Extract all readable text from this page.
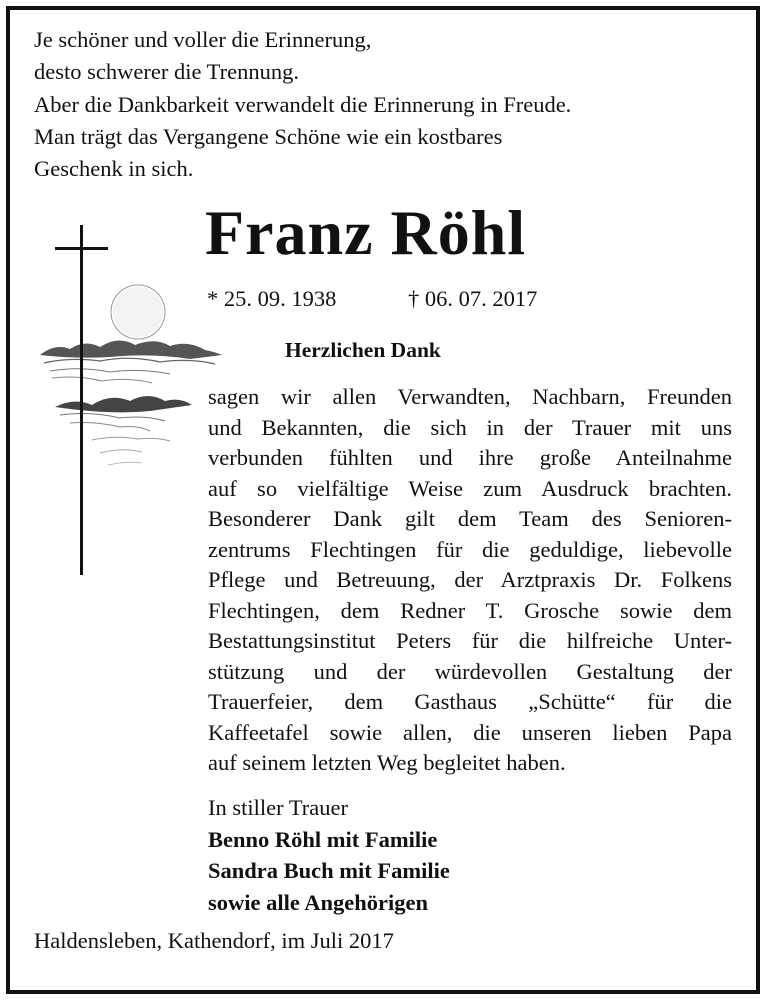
Je schöner und voller die Erinnerung,
desto schwerer die Trennung.
Aber die Dankbarkeit verwandelt die Erinnerung in Freude.
Man trägt das Vergangene Schöne wie ein kostbares
Geschenk in sich.
Franz Röhl
* 25. 09. 1938	† 06. 07. 2017
Herzlichen Dank
sagen wir allen Verwandten, Nachbarn, Freunden
und Bekannten, die sich in der Trauer mit uns
verbunden fühlten und ihre große Anteilnahme
auf so vielfältige Weise zum Ausdruck brachten.
Besonderer Dank gilt dem Team des Senioren-
zentrums Flechtingen für die geduldige, liebevolle
Pflege und Betreuung, der Arztpraxis Dr. Folkens
Flechtingen, dem Redner T. Grosche sowie dem
Bestattungsinstitut Peters für die hilfreiche Unter-
stützung und der würdevollen Gestaltung der
Trauerfeier, dem Gasthaus „Schütte“ für die
Kaffeetafel sowie allen, die unseren lieben Papa
auf seinem letzten Weg begleitet haben.
In stiller Trauer
Benno Röhl mit Familie
Sandra Buch mit Familie
sowie alle Angehörigen
Haldensleben, Kathendorf, im Juli 2017
